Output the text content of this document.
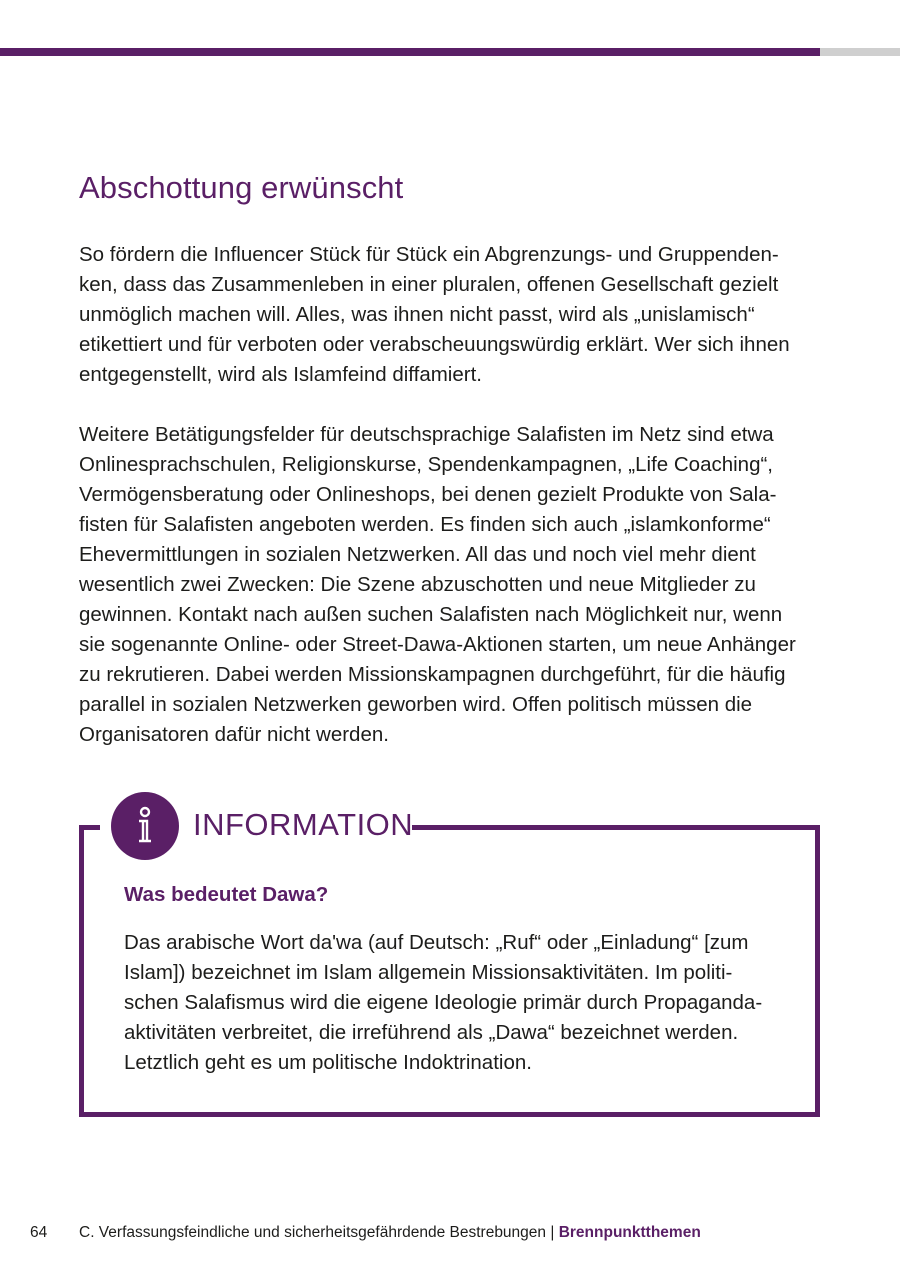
Abschottung erwünscht
So fördern die Influencer Stück für Stück ein Abgrenzungs- und Gruppenden-
ken, dass das Zusammenleben in einer pluralen, offenen Gesellschaft gezielt
unmöglich machen will. Alles, was ihnen nicht passt, wird als „unislamisch“
etikettiert und für verboten oder verabscheuungswürdig erklärt. Wer sich ihnen
entgegenstellt, wird als Islamfeind diffamiert.
Weitere Betätigungsfelder für deutschsprachige Salafisten im Netz sind etwa
Onlinesprachschulen, Religionskurse, Spendenkampagnen, „Life Coaching“,
Vermögensberatung oder Onlineshops, bei denen gezielt Produkte von Sala-
fisten für Salafisten angeboten werden. Es finden sich auch „islamkonforme“
Ehevermittlungen in sozialen Netzwerken. All das und noch viel mehr dient
wesentlich zwei Zwecken: Die Szene abzuschotten und neue Mitglieder zu
gewinnen. Kontakt nach außen suchen Salafisten nach Möglichkeit nur, wenn
sie sogenannte Online- oder Street-Dawa-Aktionen starten, um neue Anhänger
zu rekrutieren. Dabei werden Missionskampagnen durchgeführt, für die häufig
parallel in sozialen Netzwerken geworben wird. Offen politisch müssen die
Organisatoren dafür nicht werden.
INFORMATION
Was bedeutet Dawa?
Das arabische Wort da'wa (auf Deutsch: „Ruf“ oder „Einladung“ [zum
Islam]) bezeichnet im Islam allgemein Missionsaktivitäten. Im politi-
schen Salafismus wird die eigene Ideologie primär durch Propaganda-
aktivitäten verbreitet, die irreführend als „Dawa“ bezeichnet werden.
Letztlich geht es um politische Indoktrination.
64 C. Verfassungsfeindliche und sicherheitsgefährdende Bestrebungen | Brennpunktthemen
